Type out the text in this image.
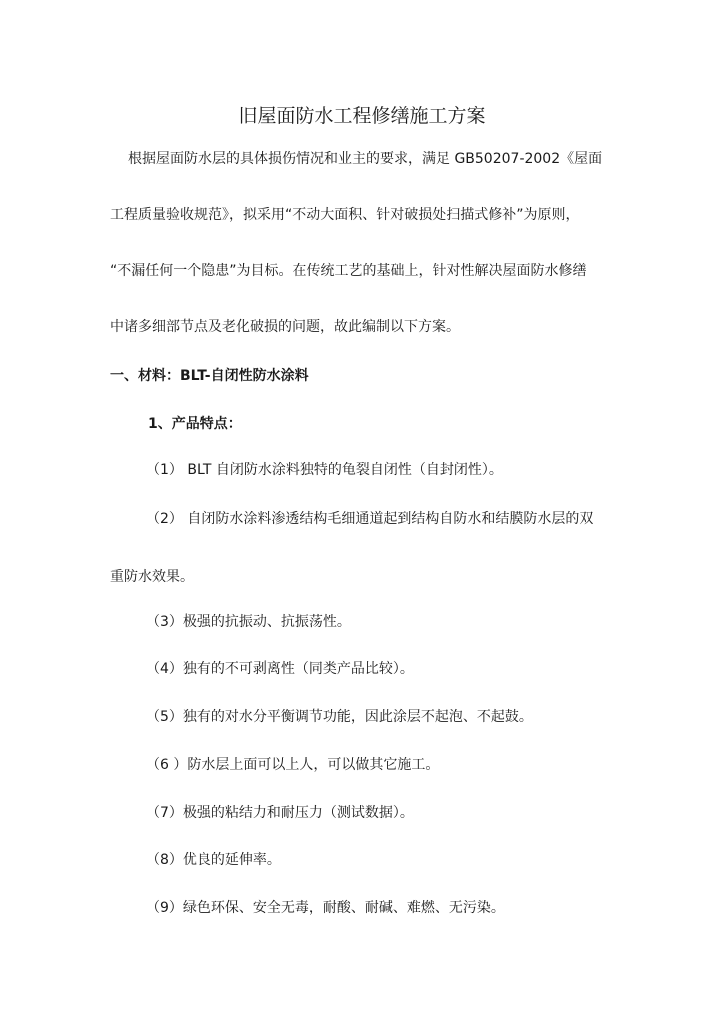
旧屋面防水工程修缮施工方案
根据屋面防水层的具体损伤情况和业主的要求，满足 GB50207-2002《屋面
工程质量验收规范》，拟采用“不动大面积、针对破损处扫描式修补”为原则，
“不漏任何一个隐患”为目标。在传统工艺的基础上，针对性解决屋面防水修缮
中诸多细部节点及老化破损的问题，故此编制以下方案。
一、材料：BLT-自闭性防水涂料
1、产品特点：
（1） BLT 自闭防水涂料独特的龟裂自闭性（自封闭性）。
（2） 自闭防水涂料渗透结构毛细通道起到结构自防水和结膜防水层的双
重防水效果。
（3）极强的抗振动、抗振荡性。
（4）独有的不可剥离性（同类产品比较）。
（5）独有的对水分平衡调节功能，因此涂层不起泡、不起鼓。
（6 ）防水层上面可以上人，可以做其它施工。
（7）极强的粘结力和耐压力（测试数据）。
（8）优良的延伸率。
（9）绿色环保、安全无毒，耐酸、耐碱、难燃、无污染。
